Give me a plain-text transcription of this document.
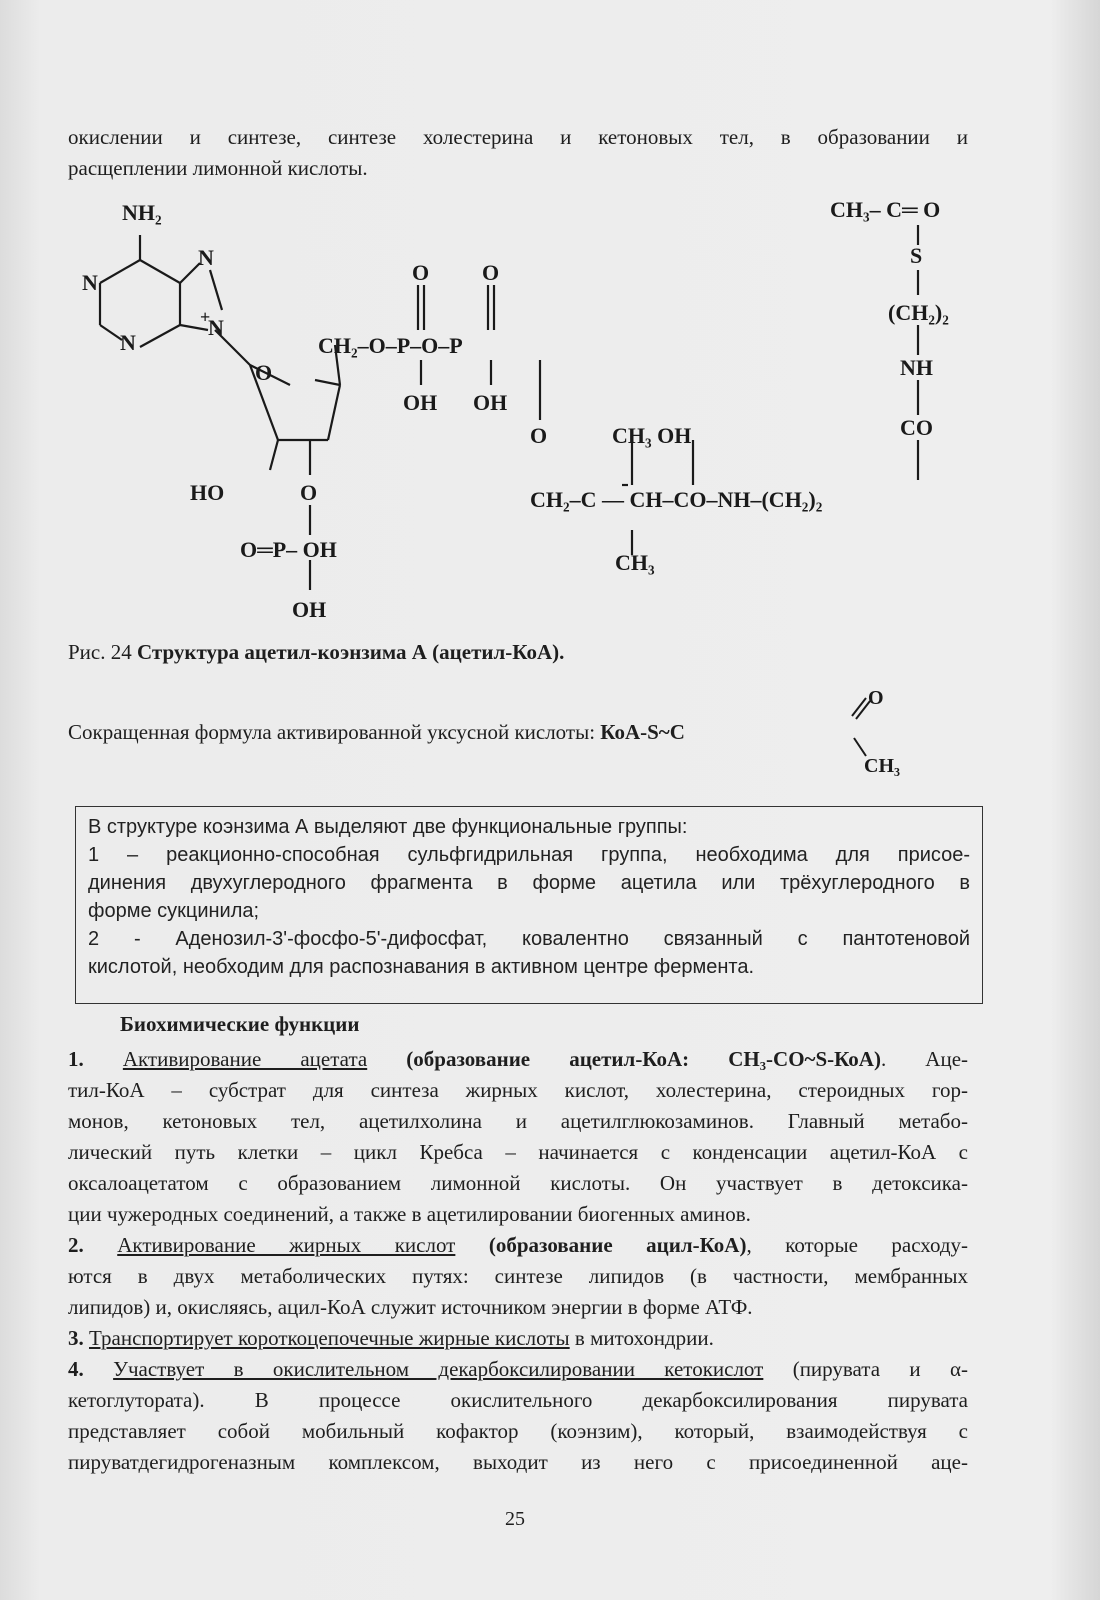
окислении и синтезе, синтезе холестерина и кетоновых тел, в образовании и
расщеплении лимонной кислоты.
NH₂
N
N
N
N
+
O O
CH₂–O–P–O–P
O
OH OH
HO	O
O═P– OH
OH
O	CH₃ OH
CH₂–C — CH–CO–NH–(CH₂)₂
CH₃
CH₃– C═ O
S
(CH₂)₂
NH
CO
Рис. 24 Структура ацетил-коэнзима А (ацетил-КоА).
Сокращенная формула активированной уксусной кислоты: КоА-S~C
O
CH₃
В структуре коэнзима А выделяют две функциональные группы:
1 – реакционно-способная сульфгидрильная группа, необходима для присое-
динения двухуглеродного фрагмента в форме ацетила или трёхуглеродного в
форме сукцинила;
2 - Аденозил-3'-фосфо-5'-дифосфат, ковалентно связанный с пантотеновой
кислотой, необходим для распознавания в активном центре фермента.
Биохимические функции
1. Активирование ацетата (образование ацетил-КоА: CH₃-CO~S-КоА). Аце-
тил-КоА – субстрат для синтеза жирных кислот, холестерина, стероидных гор-
монов, кетоновых тел, ацетилхолина и ацетилглюкозаминов. Главный метабо-
лический путь клетки – цикл Кребса – начинается с конденсации ацетил-КоА с
оксалоацетатом с образованием лимонной кислоты. Он участвует в детоксика-
ции чужеродных соединений, а также в ацетилировании биогенных аминов.
2. Активирование жирных кислот (образование ацил-КоА), которые расходу-
ются в двух метаболических путях: синтезе липидов (в частности, мембранных
липидов) и, окисляясь, ацил-КоА служит источником энергии в форме АТФ.
3. Транспортирует короткоцепочечные жирные кислоты в митохондрии.
4. Участвует в окислительном декарбоксилировании кетокислот (пирувата и α-
кетоглутората). В процессе окислительного декарбоксилирования пирувата
представляет собой мобильный кофактор (коэнзим), который, взаимодействуя с
пируватдегидрогеназным комплексом, выходит из него с присоединенной аце-
25
